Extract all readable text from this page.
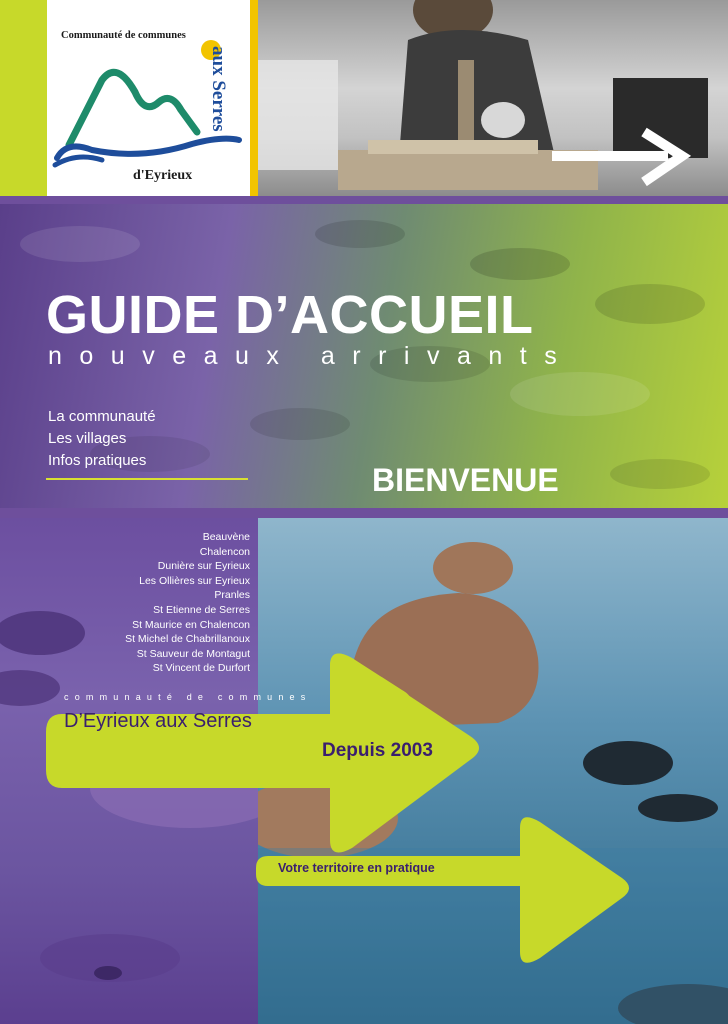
Communauté de communes
aux Serres
d'Eyrieux
GUIDE D’ACCUEIL
nouveaux arrivants
La communauté
Les villages
Infos pratiques
BIENVENUE
Beauvène
Chalencon
Dunière sur Eyrieux
Les Ollières sur Eyrieux
Pranles
St Etienne de Serres
St Maurice en Chalencon
St Michel de Chabrillanoux
St Sauveur de Montagut
St Vincent de Durfort
communauté de communes
D’Eyrieux aux Serres
Depuis 2003
Votre territoire en pratique
